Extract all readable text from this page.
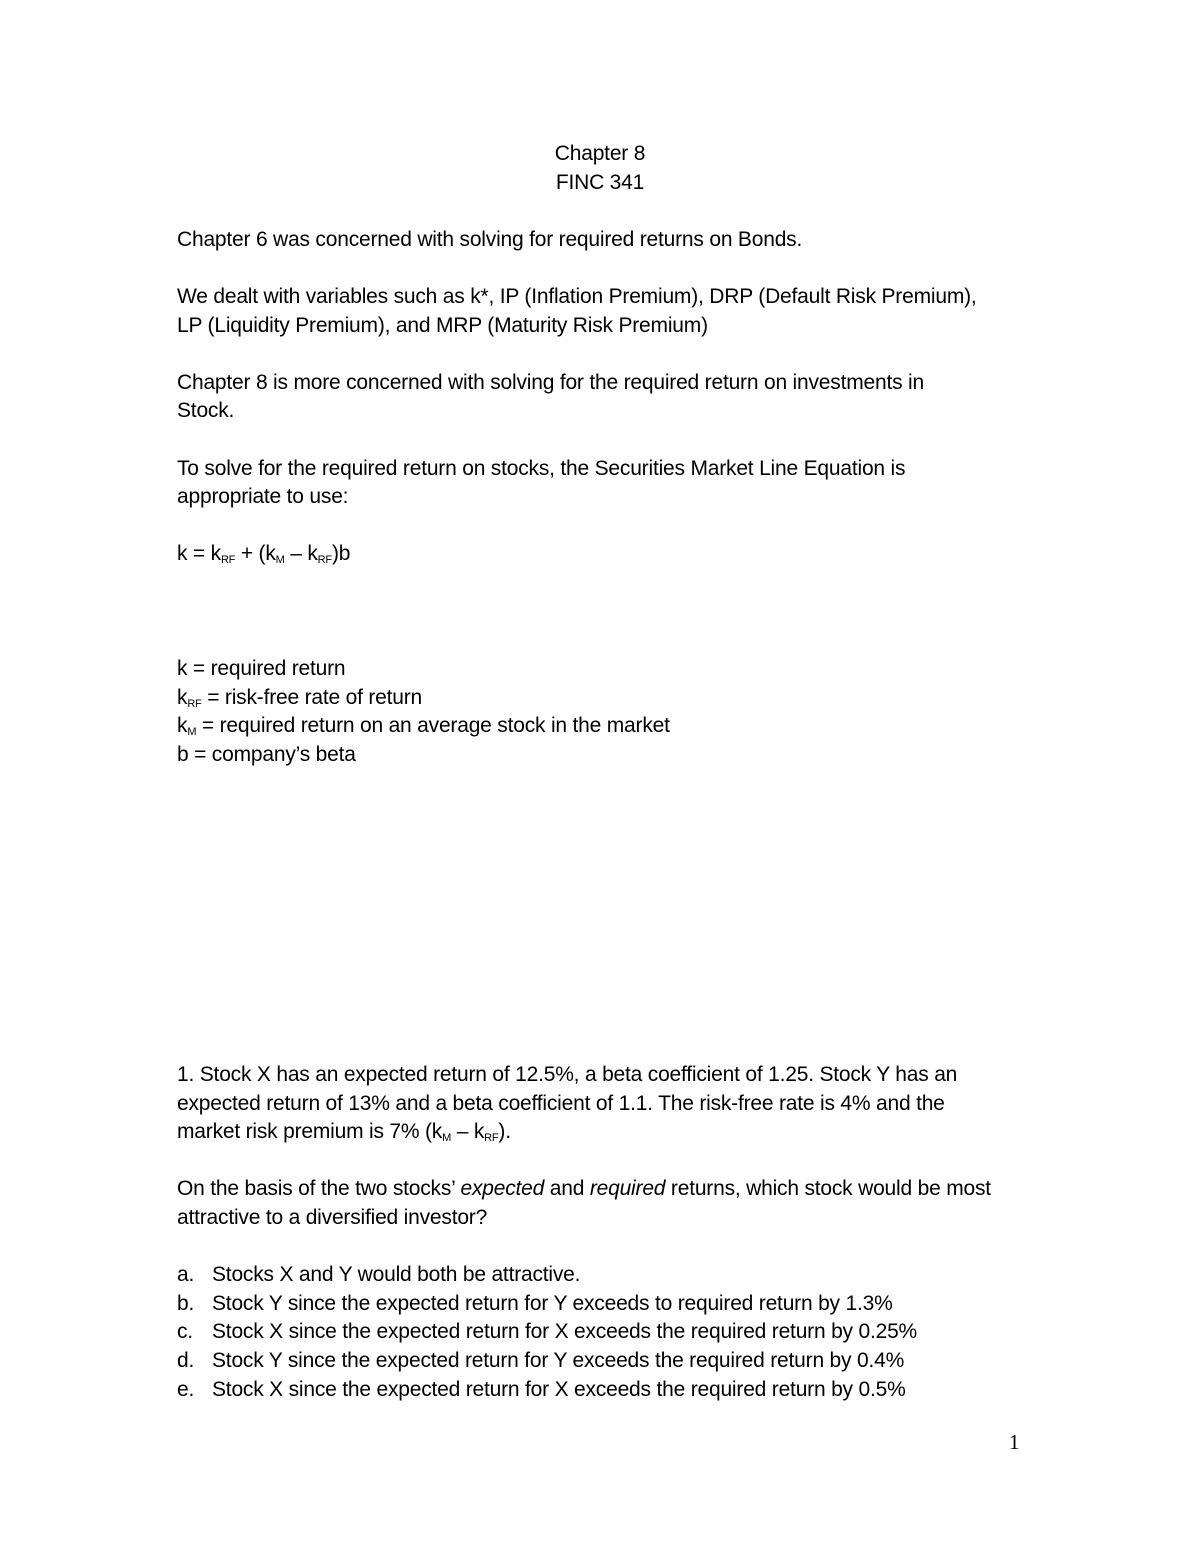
Chapter 8

FINC 341

Chapter 6 was concerned with solving for required returns on Bonds.

We dealt with variables such as k*, IP (Inflation Premium), DRP (Default Risk Premium),

LP (Liquidity Premium), and MRP (Maturity Risk Premium)

Chapter 8 is more concerned with solving for the required return on investments in Stock.

To solve for the required return on stocks, the Securities Market Line Equation is appropriate to use:

$k = k_{RF} + (k_M - k_{RF})b$

k = required return

$k_{RF}$ = risk-free rate of return

$k_M$ = required return on an average stock in the market

b = company’s beta

1. Stock X has an expected return of 12.5%, a beta coefficient of 1.25. Stock Y has an expected return of 13% and a beta coefficient of 1.1. The risk-free rate is 4% and the market risk premium is 7% $(k_M - k_{RF})$.

On the basis of the two stocks’ expected and required returns, which stock would be most attractive to a diversified investor?

a. Stocks X and Y would both be attractive.
b. Stock Y since the expected return for Y exceeds to required return by 1.3%
c. Stock X since the expected return for X exceeds the required return by 0.25%
d. Stock Y since the expected return for Y exceeds the required return by 0.4%
e. Stock X since the expected return for X exceeds the required return by 0.5%
1
